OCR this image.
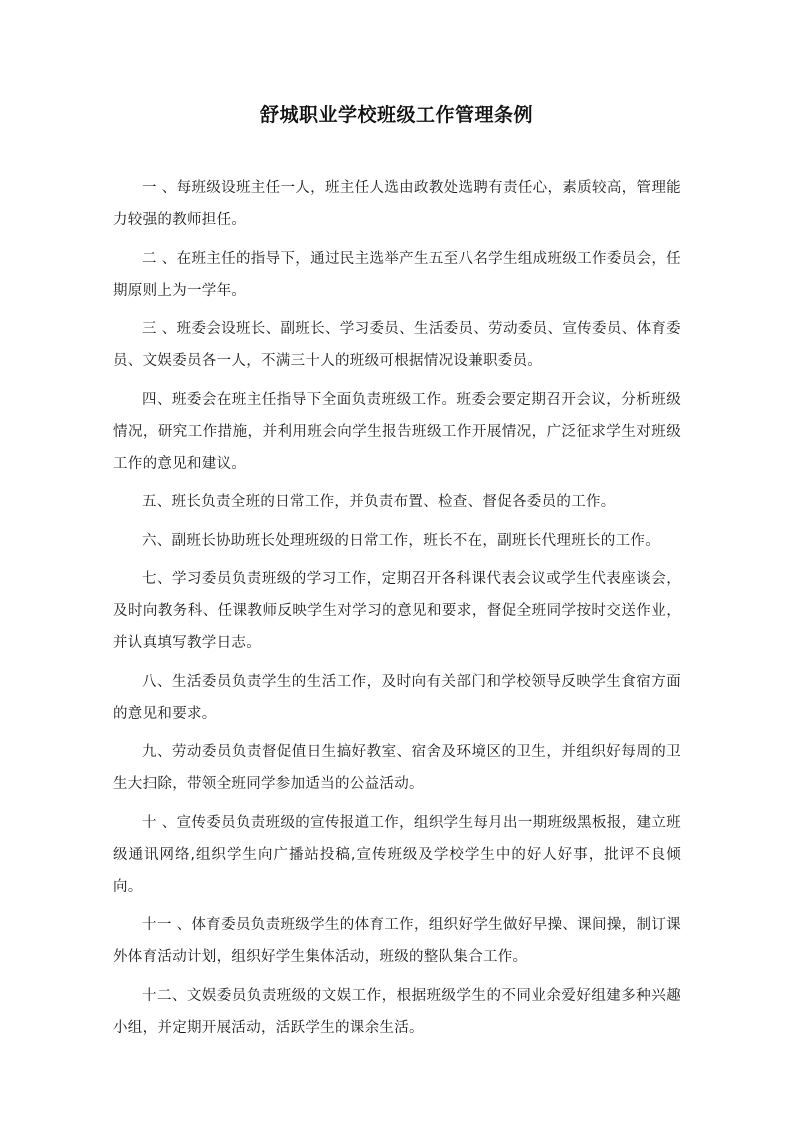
舒城职业学校班级工作管理条例

一 、每班级设班主任一人，班主任人选由政教处选聘有责任心，素质较高，管理能力较强的教师担任。

二 、在班主任的指导下，通过民主选举产生五至八名学生组成班级工作委员会，任期原则上为一学年。

三 、班委会设班长、副班长、学习委员、生活委员、劳动委员、宣传委员、体育委员、文娱委员各一人，不满三十人的班级可根据情况设兼职委员。

四、班委会在班主任指导下全面负责班级工作。班委会要定期召开会议，分析班级情况，研究工作措施，并利用班会向学生报告班级工作开展情况，广泛征求学生对班级工作的意见和建议。

五、班长负责全班的日常工作，并负责布置、检查、督促各委员的工作。

六、副班长协助班长处理班级的日常工作，班长不在，副班长代理班长的工作。

七、学习委员负责班级的学习工作，定期召开各科课代表会议或学生代表座谈会，及时向教务科、任课教师反映学生对学习的意见和要求，督促全班同学按时交送作业，并认真填写教学日志。

八、生活委员负责学生的生活工作，及时向有关部门和学校领导反映学生食宿方面的意见和要求。

九、劳动委员负责督促值日生搞好教室、宿舍及环境区的卫生，并组织好每周的卫生大扫除，带领全班同学参加适当的公益活动。

十 、宣传委员负责班级的宣传报道工作，组织学生每月出一期班级黑板报，建立班级通讯网络,组织学生向广播站投稿,宣传班级及学校学生中的好人好事，批评不良倾向。

十一 、体育委员负责班级学生的体育工作，组织好学生做好早操、课间操，制订课外体育活动计划，组织好学生集体活动，班级的整队集合工作。

十二、文娱委员负责班级的文娱工作，根据班级学生的不同业余爱好组建多种兴趣小组，并定期开展活动，活跃学生的课余生活。
